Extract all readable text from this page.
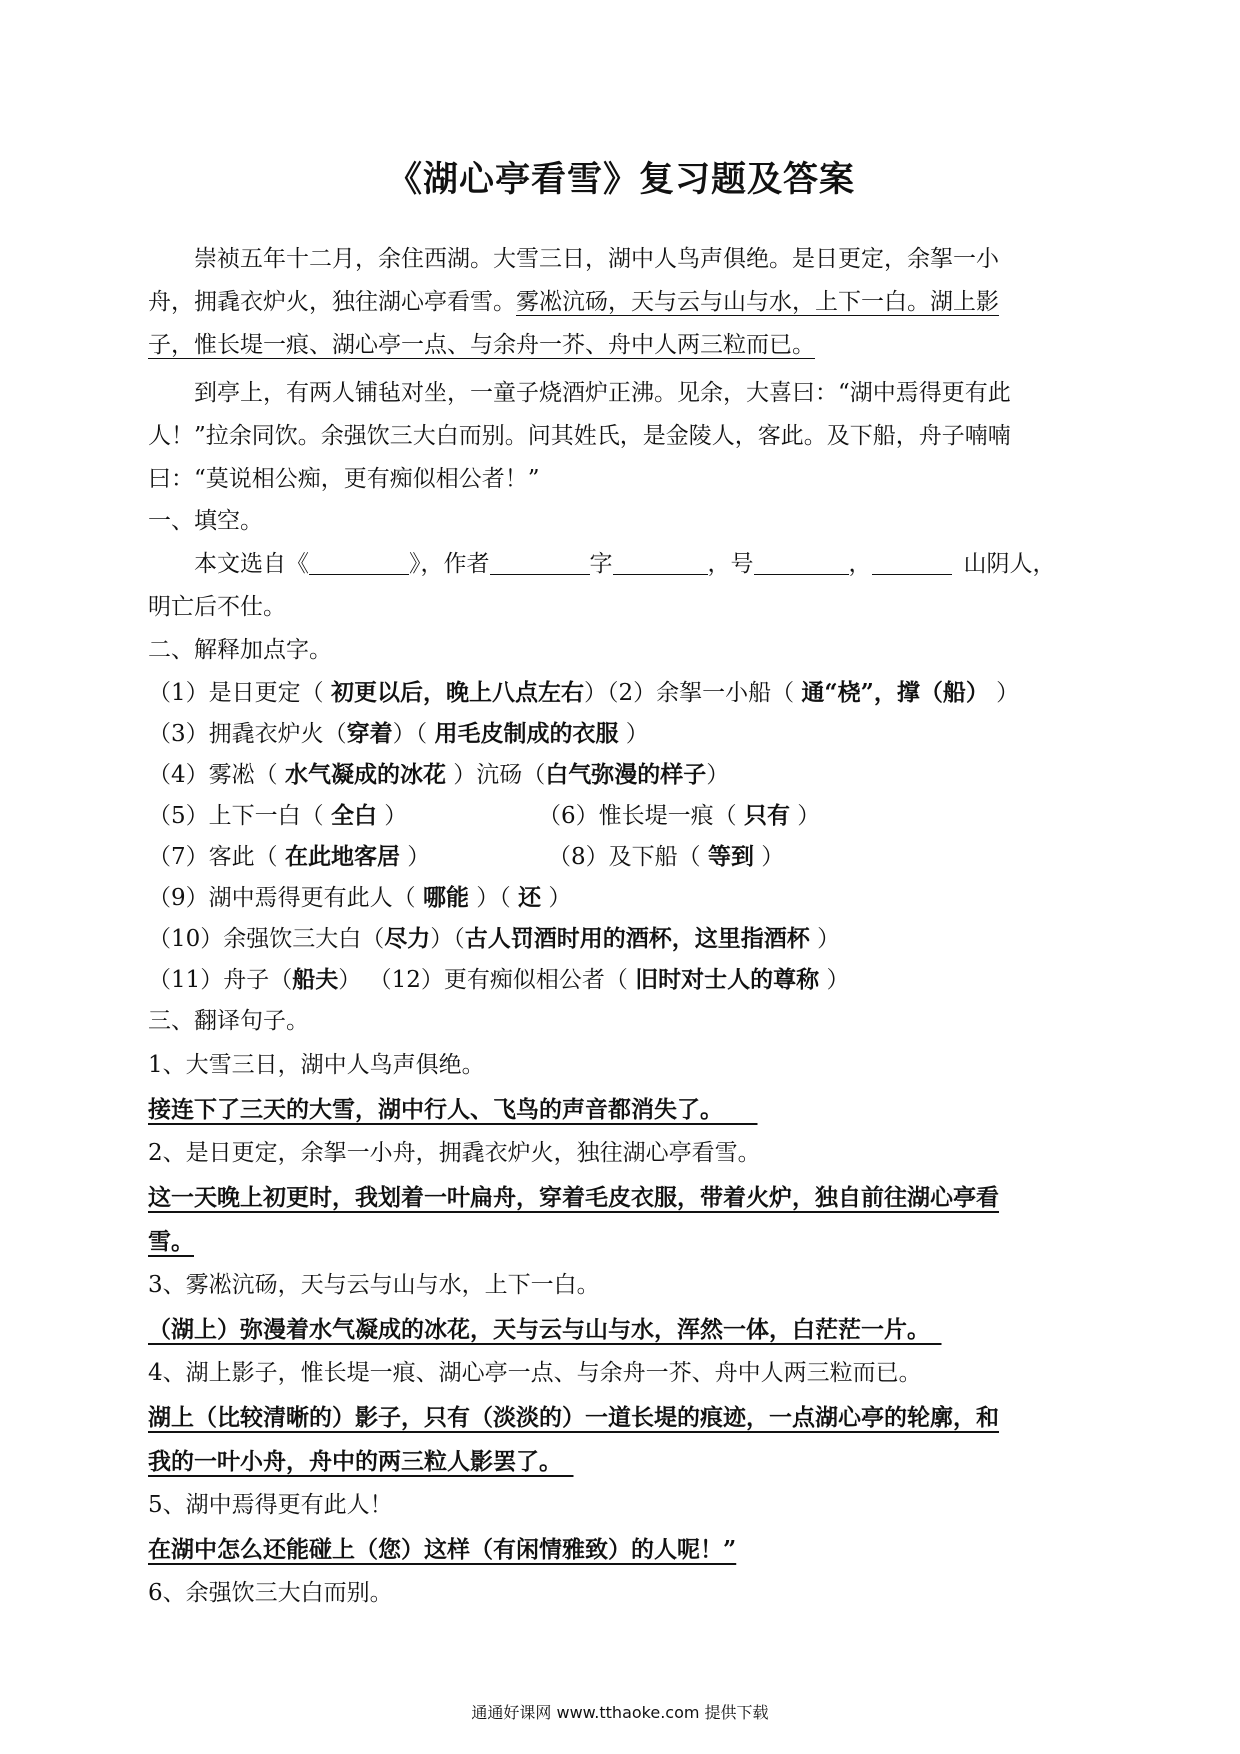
《湖心亭看雪》复习题及答案
崇祯五年十二月，余住西湖。大雪三日，湖中人鸟声俱绝。是日更定，余挐一小
舟，拥毳衣炉火，独往湖心亭看雪。雾凇沆砀，天与云与山与水，上下一白。湖上影
子，惟长堤一痕、湖心亭一点、与余舟一芥、舟中人两三粒而已。
到亭上，有两人铺毡对坐，一童子烧酒炉正沸。见余，大喜曰：“湖中焉得更有此
人！”拉余同饮。余强饮三大白而别。问其姓氏，是金陵人，客此。及下船，舟子喃喃
曰：“莫说相公痴，更有痴似相公者！”
一、填空。
本文选自《	》，作者	字	，号	，	山阴人，
明亡后不仕。
二、解释加点字。
（1）是日更定（ 初更以后，晚上八点左右）（2）余挐一小船（ 通“桡”，撑（船） ）
（3）拥毳衣炉火（穿着）（ 用毛皮制成的衣服 ）
（4）雾凇（ 水气凝成的冰花 ）沆砀（白气弥漫的样子）
（5）上下一白（ 全白 ）	（6）惟长堤一痕（ 只有 ）
（7）客此（ 在此地客居 ）	（8）及下船（ 等到 ）
（9）湖中焉得更有此人（ 哪能 ）（ 还 ）
（10）余强饮三大白（尽力）（古人罚酒时用的酒杯，这里指酒杯 ）
（11）舟子（船夫） （12）更有痴似相公者（ 旧时对士人的尊称 ）
三、翻译句子。
1、大雪三日，湖中人鸟声俱绝。
接连下了三天的大雪，湖中行人、飞鸟的声音都消失了。　　
2、是日更定，余挐一小舟，拥毳衣炉火，独往湖心亭看雪。
这一天晚上初更时，我划着一叶扁舟，穿着毛皮衣服，带着火炉，独自前往湖心亭看
雪。
3、雾凇沆砀，天与云与山与水，上下一白。
（湖上）弥漫着水气凝成的冰花，天与云与山与水，浑然一体，白茫茫一片。　
4、湖上影子，惟长堤一痕、湖心亭一点、与余舟一芥、舟中人两三粒而已。
湖上（比较清晰的）影子，只有（淡淡的）一道长堤的痕迹，一点湖心亭的轮廓，和
我的一叶小舟，舟中的两三粒人影罢了。　
5、湖中焉得更有此人！
在湖中怎么还能碰上（您）这样（有闲情雅致）的人呢！”
6、余强饮三大白而别。
通通好课网 www.tthaoke.com 提供下载
